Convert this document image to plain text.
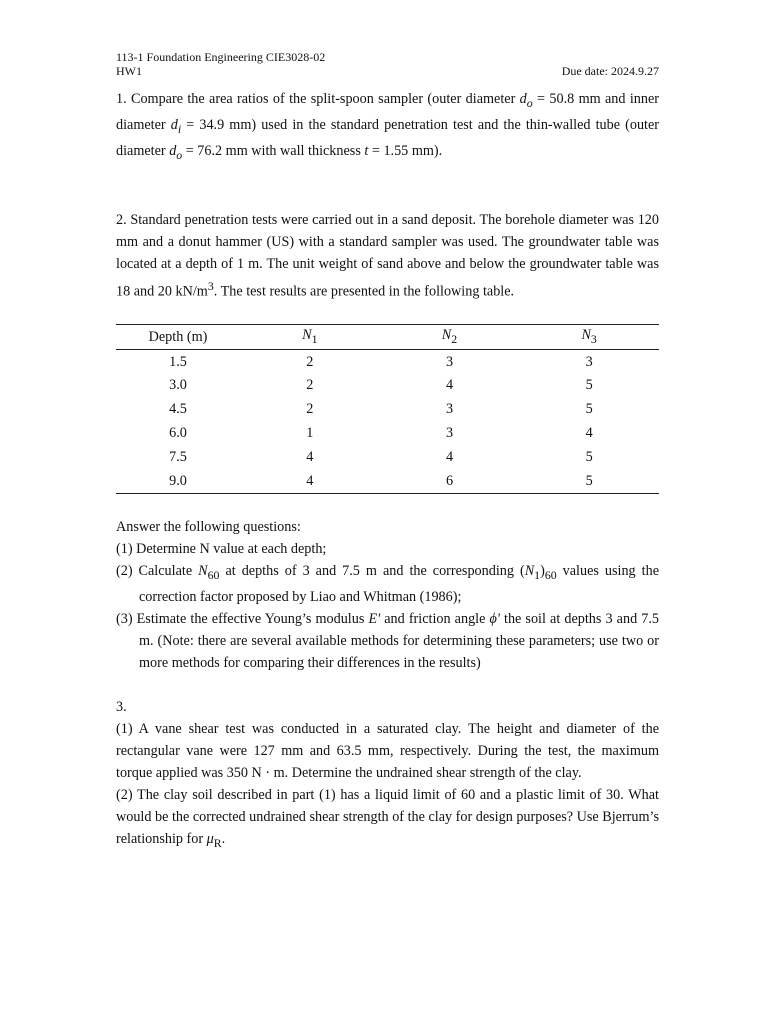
113-1 Foundation Engineering CIE3028-02
HW1	Due date: 2024.9.27

1. Compare the area ratios of the split-spoon sampler (outer diameter $d_o = 50.8$ mm and inner diameter $d_i = 34.9$ mm) used in the standard penetration test and the thin-walled tube (outer diameter $d_o = 76.2$ mm with wall thickness t = 1.55 mm).

2. Standard penetration tests were carried out in a sand deposit. The borehole diameter was 120 mm and a donut hammer (US) with a standard sampler was used. The groundwater table was located at a depth of 1 m. The unit weight of sand above and below the groundwater table was 18 and 20 $kN/m^3$. The test results are presented in the following table.

Depth (m)	$N_1$	$N_2$	$N_3$
1.5	2	3	3
3.0	2	4	5
4.5	2	3	5
6.0	1	3	4
7.5	4	4	5
9.0	4	6	5
Answer the following questions:
(1) Determine N value at each depth;
(2) Calculate $N_{60}$ at depths of 3 and 7.5 m and the corresponding $(N_1)_{60}$ values using the correction factor proposed by Liao and Whitman (1986);
(3) Estimate the effective Young’s modulus E' and friction angle ϕ' the soil at depths 3 and 7.5 m. (Note: there are several available methods for determining these parameters; use two or more methods for comparing their differences in the results)
3.

(1) A vane shear test was conducted in a saturated clay. The height and diameter of the rectangular vane were 127 mm and 63.5 mm, respectively. During the test, the maximum torque applied was 350 N · m. Determine the undrained shear strength of the clay.

(2) The clay soil described in part (1) has a liquid limit of 60 and a plastic limit of 30. What would be the corrected undrained shear strength of the clay for design purposes? Use Bjerrum’s relationship for $\mu_R$.
